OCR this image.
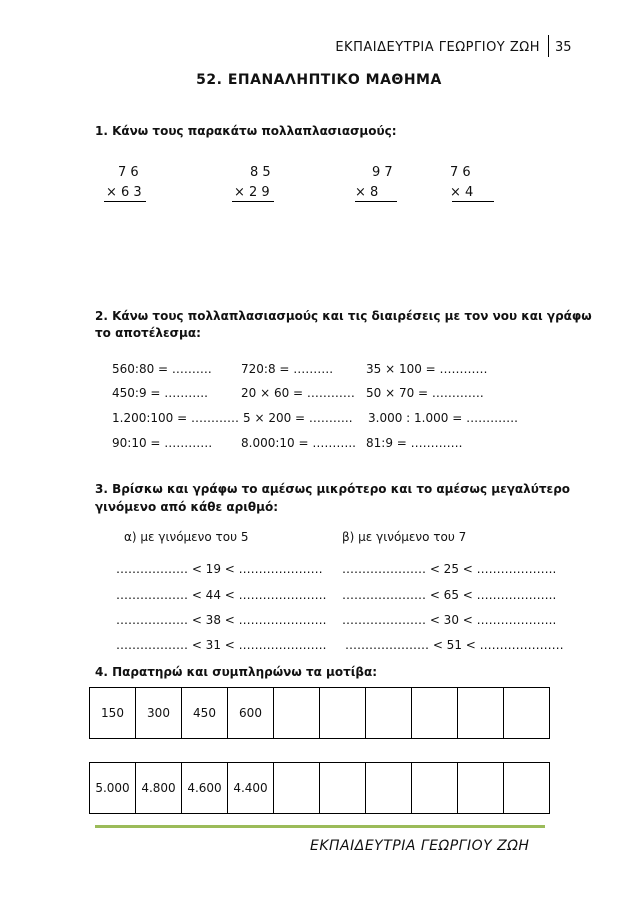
ΕΚΠΑΙΔΕΥΤΡΙΑ ΓΕΩΡΓΙΟΥ ΖΩΗ 35
52. ΕΠΑΝΑΛΗΠΤΙΚΟ ΜΑΘΗΜΑ
1. Κάνω τους παρακάτω πολλαπλασιασμούς:
7 6
× 6 3
8 5
× 2 9
9 7
× 8
7 6
× 4
2. Κάνω τους πολλαπλασιασμούς και τις διαιρέσεις με τον νου και γράφω
το αποτέλεσμα:
560:80 = ………. 720:8 = ……….	35 × 100 = …………
450:9 = ………..	20 × 60 = ………… 50 × 70 = ………….
1.200:100 = ………… 5 × 200 = ……….. 3.000 : 1.000 = ………….
90:10 = ………… 8.000:10 = ……….. 81:9 = ………….
3. Βρίσκω και γράφω το αμέσως μικρότερο και το αμέσως μεγαλύτερο
γινόμενο από κάθε αριθμό:
α) με γινόμενο του 5	β) με γινόμενο του 7
……………… < 19 < ………………… ………………… < 25 < ………………..
……………… < 44 < …………………. ………………… < 65 < ………………..
……………… < 38 < …………………. ………………… < 30 < ………………..
……………… < 31 < …………………. ………………… < 51 < …………………
4. Παρατηρώ και συμπληρώνω τα μοτίβα:
150	300	450	600						
5.000	4.800	4.600	4.400						
ΕΚΠΑΙΔΕΥΤΡΙΑ ΓΕΩΡΓΙΟΥ ΖΩΗ
